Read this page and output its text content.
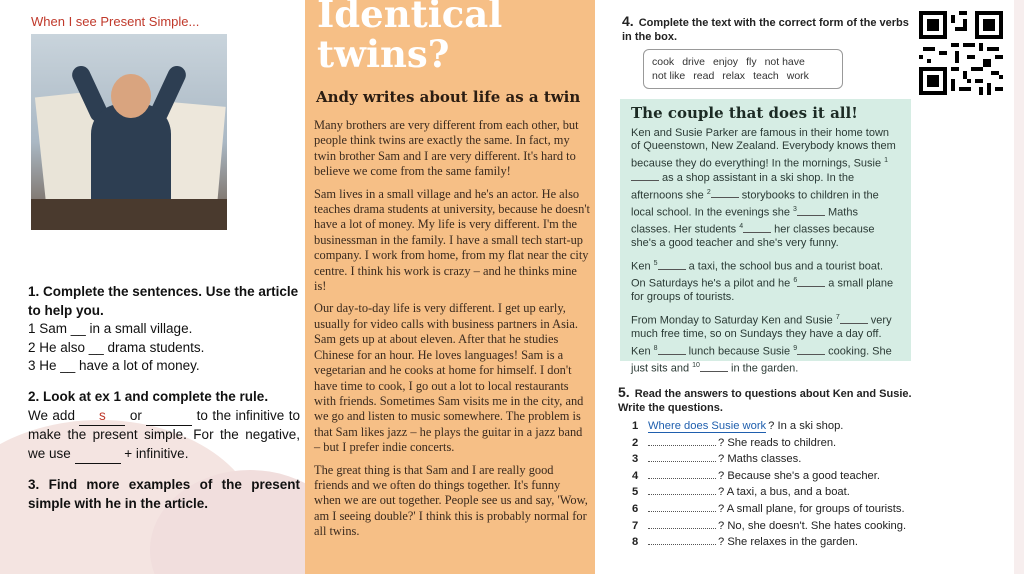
When I see Present Simple...
1. Complete the sentences. Use the article to help you.
1 Sam __ in a small village.
2 He also __ drama students.
3 He __ have a lot of money.
2. Look at ex 1 and complete the rule.
We add s or	to the infinitive to make the present simple. For the negative, we use	+ infinitive.
3. Find more examples of the present simple with he in the article.
Identical
twins?
Andy writes about life as a twin

Many brothers are very different from each other, but people think twins are exactly the same. In fact, my twin brother Sam and I are very different. It's hard to believe we come from the same family!

Sam lives in a small village and he's an actor. He also teaches drama students at university, because he doesn't have a lot of money. My life is very different. I'm the businessman in the family. I have a small tech start-up company. I work from home, from my flat near the city centre. I think his work is crazy – and he thinks mine is!

Our day-to-day life is very different. I get up early, usually for video calls with business partners in Asia. Sam gets up at about eleven. After that he studies Chinese for an hour. He loves languages! Sam is a vegetarian and he cooks at home for himself. I don't have time to cook, I go out a lot to local restaurants with friends. Sometimes Sam visits me in the city, and we go and listen to music somewhere. The problem is that Sam likes jazz – he plays the guitar in a jazz band – but I prefer indie concerts.

The great thing is that Sam and I are really good friends and we often do things together. It's funny when we are out together. People see us and say, 'Wow, am I seeing double?' I think this is probably normal for all twins.

4. Complete the text with the correct form of the verbs in the box.
cook drive enjoy fly not have
not like read relax teach work
The couple that does it all!

Ken and Susie Parker are famous in their home town of Queenstown, New Zealand. Everybody knows them because they do everything! In the mornings, Susie $^1$ as a shop assistant in a ski shop. In the afternoons she $^2$	storybooks to children in the local school. In the evenings she $^3$	Maths classes. Her students $^4$	her classes because she's a good teacher and she's very funny.

Ken $^5$	a taxi, the school bus and a tourist boat. On Saturdays he's a pilot and he $^6$	a small plane for groups of tourists.

From Monday to Saturday Ken and Susie $^7$	very much free time, so on Sundays they have a day off. Ken $^8$	lunch because Susie $^9$	cooking. She just sits and $^{10}$	in the garden.

5. Read the answers to questions about Ken and Susie. Write the questions.
1 Where does Susie work ? In a ski shop.
2	? She reads to children.
3	? Maths classes.
4	? Because she's a good teacher.
5	? A taxi, a bus, and a boat.
6	? A small plane, for groups of tourists.
7	? No, she doesn't. She hates cooking.
8	? She relaxes in the garden.
